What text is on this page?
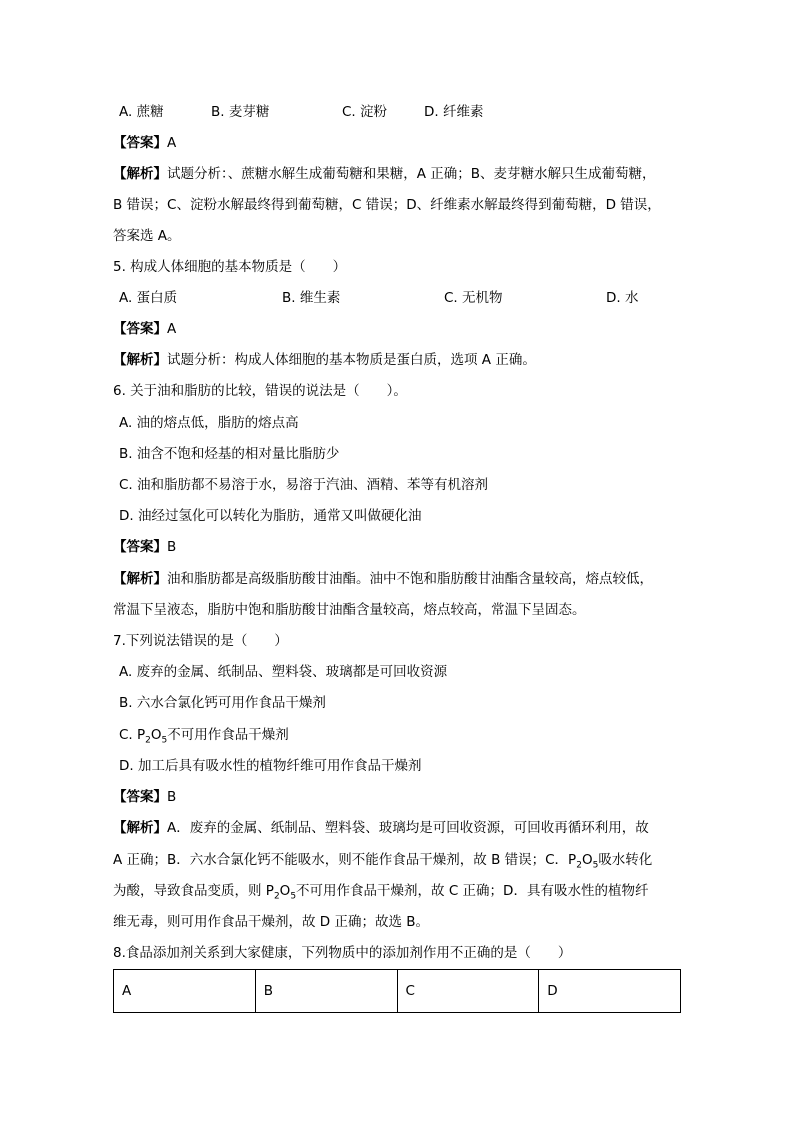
A. 蔗糖	B. 麦芽糖	C. 淀粉	D. 纤维素
【答案】A
【解析】试题分析：、蔗糖水解生成葡萄糖和果糖，A 正确；B、麦芽糖水解只生成葡萄糖，
B 错误；C、淀粉水解最终得到葡萄糖，C 错误；D、纤维素水解最终得到葡萄糖，D 错误，
答案选 A。
5. 构成人体细胞的基本物质是（　　）
A. 蛋白质	B. 维生素	C. 无机物	D. 水
【答案】A
【解析】试题分析：构成人体细胞的基本物质是蛋白质，选项 A 正确。
6. 关于油和脂肪的比较，错误的说法是（　　）。
A. 油的熔点低，脂肪的熔点高
B. 油含不饱和烃基的相对量比脂肪少
C. 油和脂肪都不易溶于水，易溶于汽油、酒精、苯等有机溶剂
D. 油经过氢化可以转化为脂肪，通常又叫做硬化油
【答案】B
【解析】油和脂肪都是高级脂肪酸甘油酯。油中不饱和脂肪酸甘油酯含量较高，熔点较低，
常温下呈液态，脂肪中饱和脂肪酸甘油酯含量较高，熔点较高，常温下呈固态。
7.下列说法错误的是（　　）
A. 废弃的金属、纸制品、塑料袋、玻璃都是可回收资源
B. 六水合氯化钙可用作食品干燥剂
C. $P_2O_5$不可用作食品干燥剂
D. 加工后具有吸水性的植物纤维可用作食品干燥剂
【答案】B
【解析】A．废弃的金属、纸制品、塑料袋、玻璃均是可回收资源，可回收再循环利用，故
A 正确；B．六水合氯化钙不能吸水，则不能作食品干燥剂，故 B 错误；C．$P_2O_5$吸水转化
为酸，导致食品变质，则 $P_2O_5$不可用作食品干燥剂，故 C 正确；D．具有吸水性的植物纤
维无毒，则可用作食品干燥剂，故 D 正确；故选 B。
8.食品添加剂关系到大家健康，下列物质中的添加剂作用不正确的是（　　）
A	B	C	D
